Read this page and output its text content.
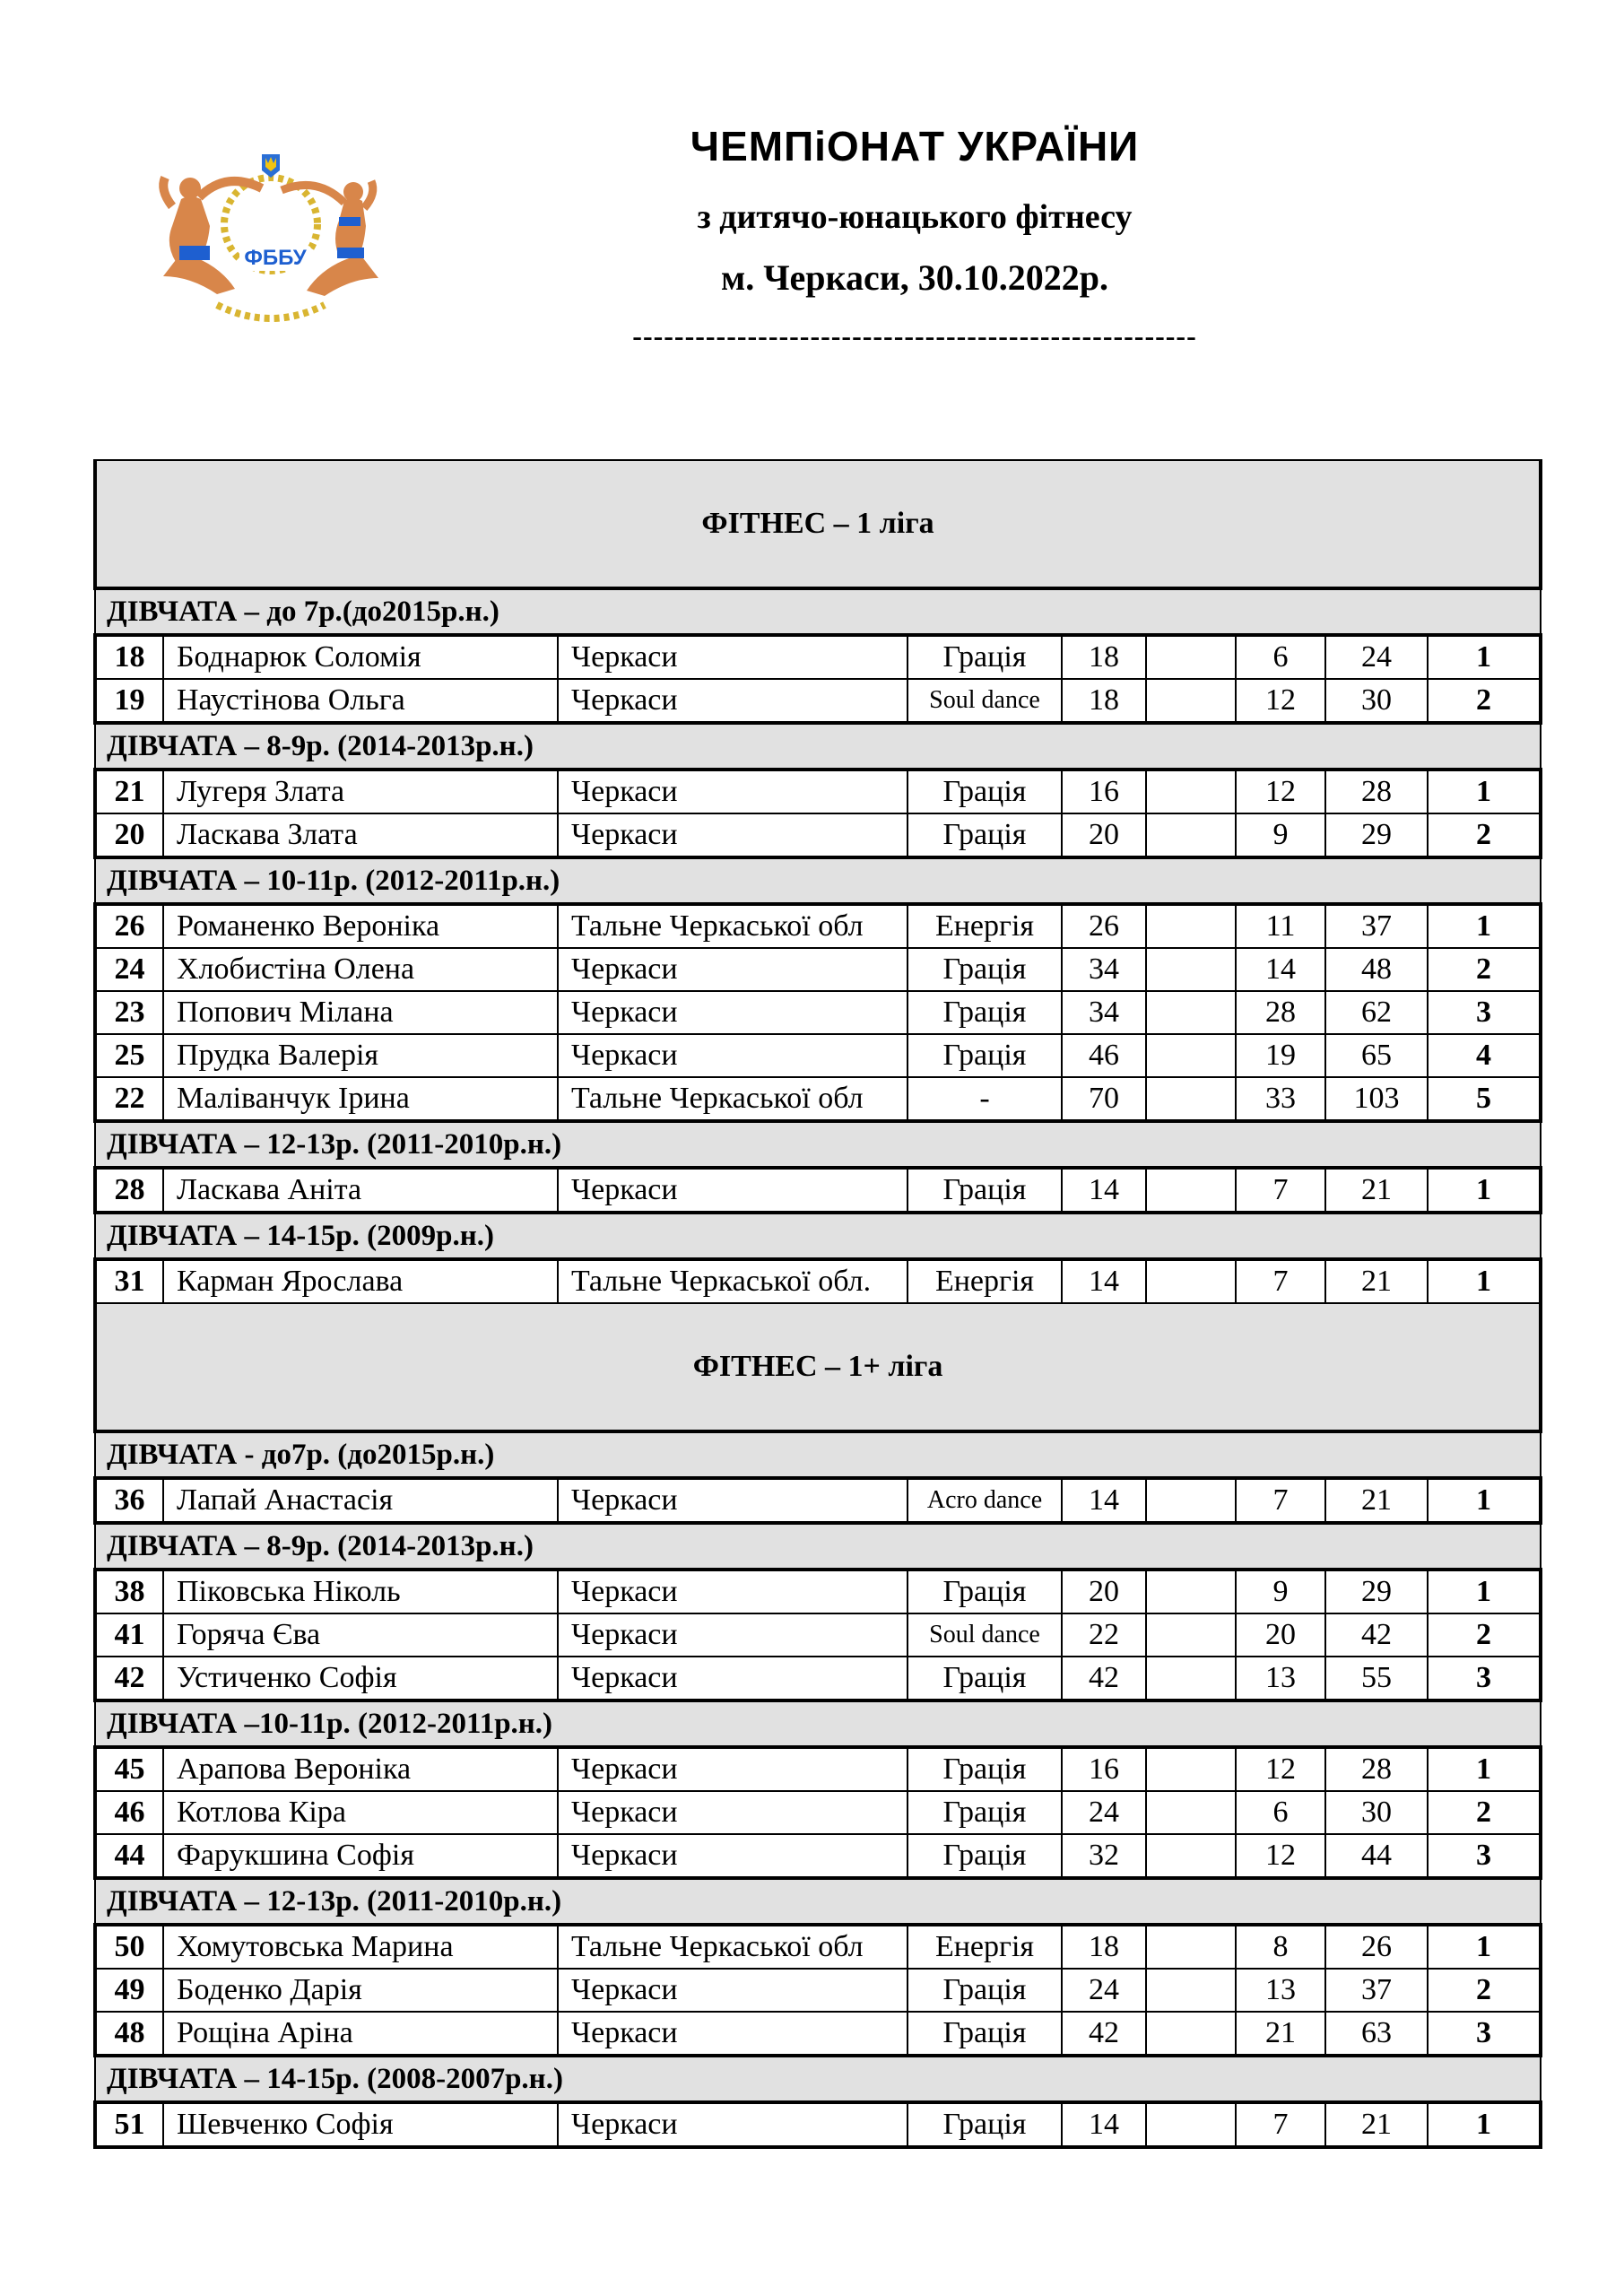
ФББУ
ЧЕМПіОНАТ УКРАЇНИ
з дитячо-юнацького фітнесу
м. Черкаси, 30.10.2022р.
------------------------------------------------------
ФІТНЕС – 1 ліга								
ДІВЧАТА – до 7р.(до2015р.н.)								
18	Боднарюк Соломія	Черкаси	Грація	18		6	24	1
19	Наустінова Ольга	Черкаси	Soul dance	18		12	30	2
ДІВЧАТА – 8-9р. (2014-2013р.н.)								
21	Лугеря Злата	Черкаси	Грація	16		12	28	1
20	Ласкава Злата	Черкаси	Грація	20		9	29	2
ДІВЧАТА – 10-11р. (2012-2011р.н.)								
26	Романенко Вероніка	Тальне Черкаської обл	Енергія	26		11	37	1
24	Хлобистіна Олена	Черкаси	Грація	34		14	48	2
23	Попович Мілана	Черкаси	Грація	34		28	62	3
25	Прудка Валерія	Черкаси	Грація	46		19	65	4
22	Маліванчук Ірина	Тальне Черкаської обл	-	70		33	103	5
ДІВЧАТА – 12-13р. (2011-2010р.н.)								
28	Ласкава Аніта	Черкаси	Грація	14		7	21	1
ДІВЧАТА – 14-15р. (2009р.н.)								
31	Карман Ярослава	Тальне Черкаської обл.	Енергія	14		7	21	1
ФІТНЕС – 1+ ліга								
ДІВЧАТА - до7р. (до2015р.н.)								
36	Лапай Анастасія	Черкаси	Acro dance	14		7	21	1
ДІВЧАТА – 8-9р. (2014-2013р.н.)								
38	Піковська Ніколь	Черкаси	Грація	20		9	29	1
41	Горяча Єва	Черкаси	Soul dance	22		20	42	2
42	Устиченко Софія	Черкаси	Грація	42		13	55	3
ДІВЧАТА –10-11р. (2012-2011р.н.)								
45	Арапова Вероніка	Черкаси	Грація	16		12	28	1
46	Котлова Кіра	Черкаси	Грація	24		6	30	2
44	Фарукшина Софія	Черкаси	Грація	32		12	44	3
ДІВЧАТА – 12-13р. (2011-2010р.н.)								
50	Хомутовська Марина	Тальне Черкаської обл	Енергія	18		8	26	1
49	Боденко Дарія	Черкаси	Грація	24		13	37	2
48	Рощіна Аріна	Черкаси	Грація	42		21	63	3
ДІВЧАТА – 14-15р. (2008-2007р.н.)								
51	Шевченко Софія	Черкаси	Грація	14		7	21	1
